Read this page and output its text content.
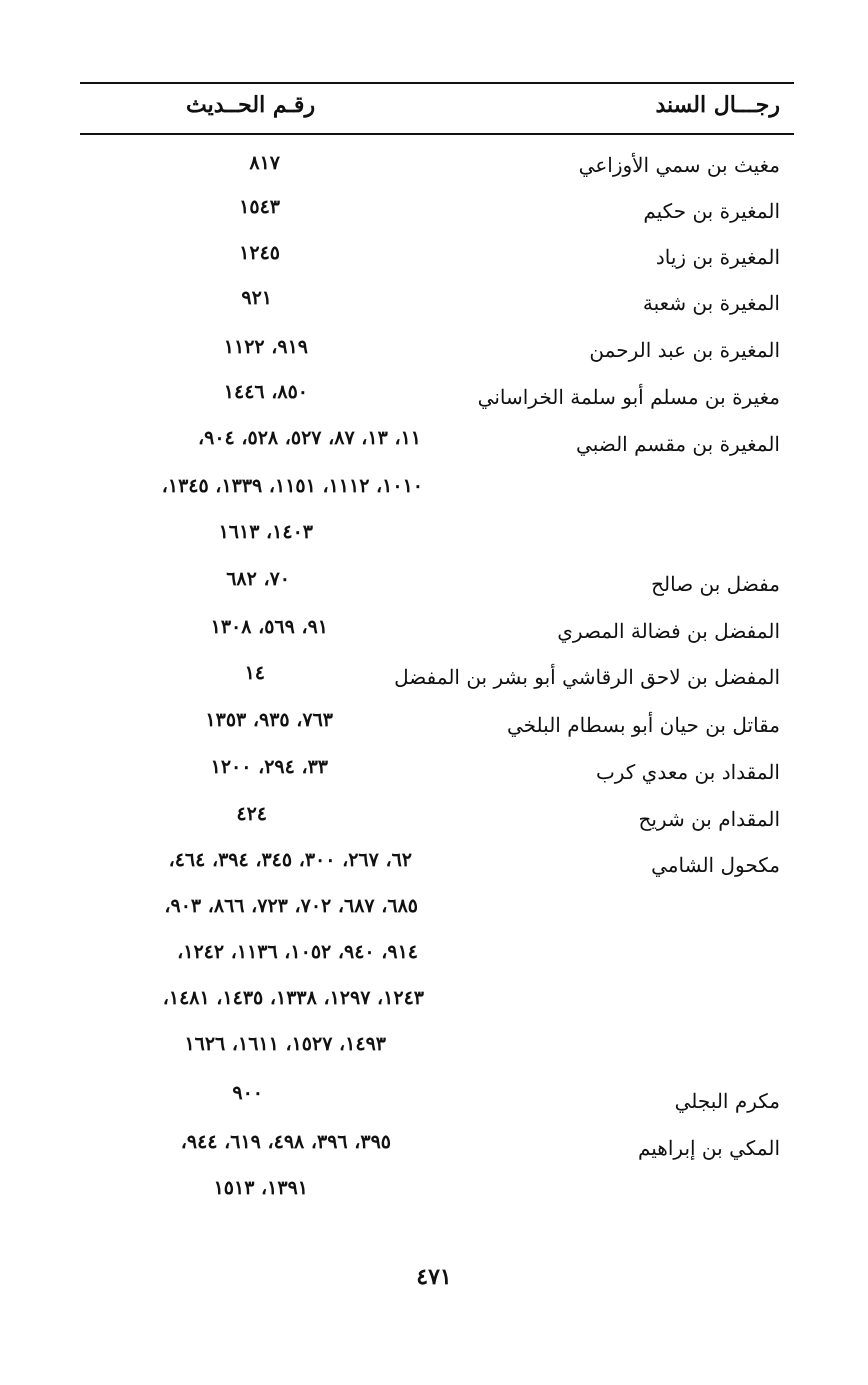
رجـــال السند
رقـم الحــديث
مغيث بن سمي الأوزاعي
٨١٧
المغيرة بن حكيم
١٥٤٣
المغيرة بن زياد
١٢٤٥
المغيرة بن شعبة
٩٢١
المغيرة بن عبد الرحمن
٩١٩، ١١٢٢
مغيرة بن مسلم أبو سلمة الخراساني
٨٥٠، ١٤٤٦
المغيرة بن مقسم الضبي
١١، ١٣، ٨٧، ٥٢٧، ٥٢٨، ٩٠٤،
١٠١٠، ١١١٢، ١١٥١، ١٣٣٩، ١٣٤٥،
١٤٠٣، ١٦١٣
مفضل بن صالح
٧٠، ٦٨٢
المفضل بن فضالة المصري
٩١، ٥٦٩، ١٣٠٨
المفضل بن لاحق الرقاشي أبو بشر بن المفضل
١٤
مقاتل بن حيان أبو بسطام البلخي
٧٦٣، ٩٣٥، ١٣٥٣
المقداد بن معدي كرب
٣٣، ٢٩٤، ١٢٠٠
المقدام بن شريح
٤٢٤
مكحول الشامي
٦٢، ٢٦٧، ٣٠٠، ٣٤٥، ٣٩٤، ٤٦٤،
٦٨٥، ٦٨٧، ٧٠٢، ٧٢٣، ٨٦٦، ٩٠٣،
٩١٤، ٩٤٠، ١٠٥٢، ١١٣٦، ١٢٤٢،
١٢٤٣، ١٢٩٧، ١٣٣٨، ١٤٣٥، ١٤٨١،
١٤٩٣، ١٥٢٧، ١٦١١، ١٦٢٦
مكرم البجلي
٩٠٠
المكي بن إبراهيم
٣٩٥، ٣٩٦، ٤٩٨، ٦١٩، ٩٤٤،
١٣٩١، ١٥١٣
٤٧١
